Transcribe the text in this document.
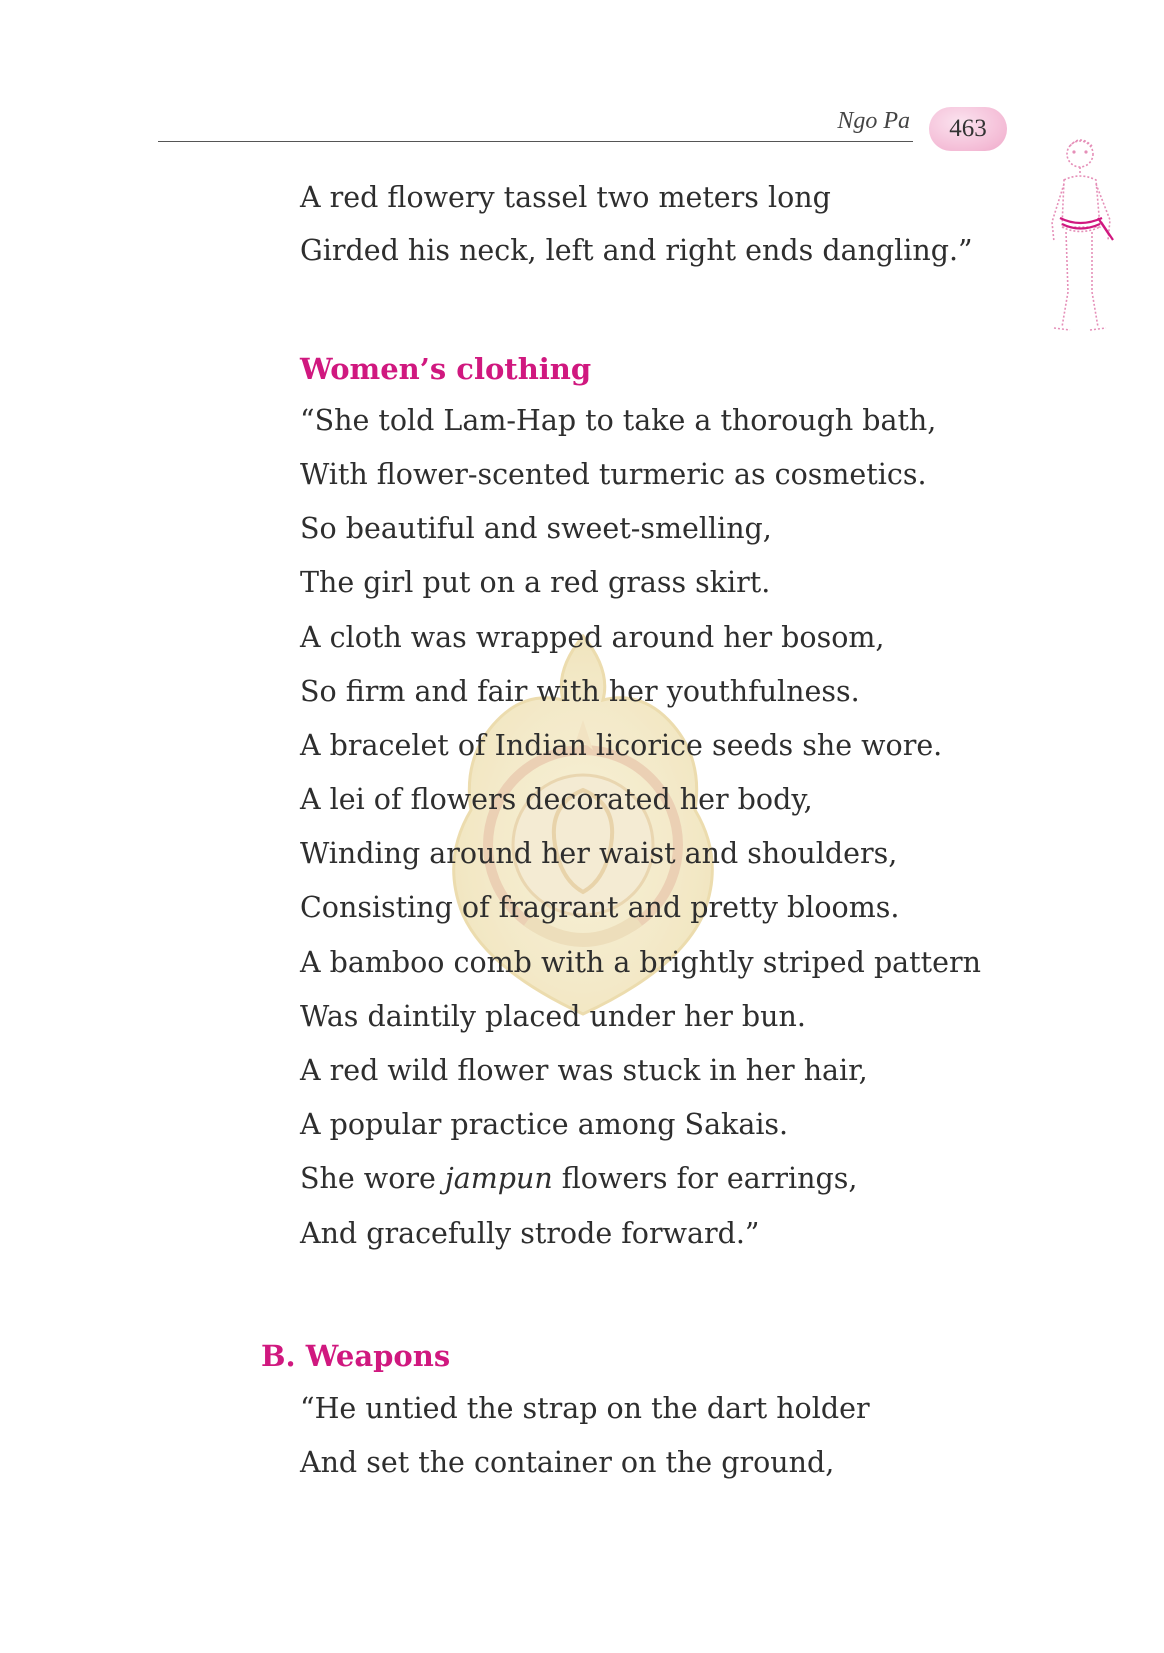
Ngo Pa 463
A red flowery tassel two meters long
Girded his neck, left and right ends dangling.”
Women’s clothing
“She told Lam-Hap to take a thorough bath,
With flower-scented turmeric as cosmetics.
So beautiful and sweet-smelling,
The girl put on a red grass skirt.
A cloth was wrapped around her bosom,
So firm and fair with her youthfulness.
A bracelet of Indian licorice seeds she wore.
A lei of flowers decorated her body,
Winding around her waist and shoulders,
Consisting of fragrant and pretty blooms.
A bamboo comb with a brightly striped pattern
Was daintily placed under her bun.
A red wild flower was stuck in her hair,
A popular practice among Sakais.
She wore jampun flowers for earrings,
And gracefully strode forward.”
B. Weapons
“He untied the strap on the dart holder
And set the container on the ground,
